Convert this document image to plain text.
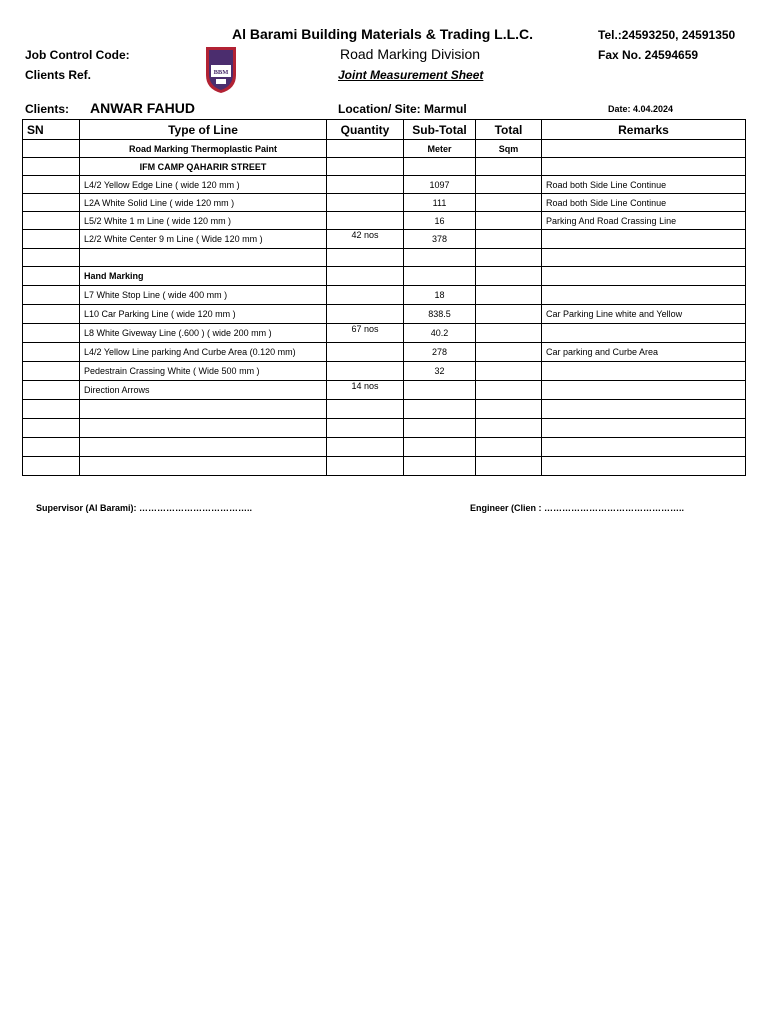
Al Barami Building Materials & Trading L.L.C.
Road Marking Division
Joint Measurement Sheet
Tel.:24593250, 24591350
Fax No. 24594659
Job Control Code:
Clients Ref.
Clients: ANWAR FAHUD	Location/ Site: Marmul	Date: 4.04.2024
BBM
SN	Type of Line	Quantity	Sub-Total	Total	Remarks
	Road Marking Thermoplastic Paint		Meter	Sqm	
	IFM CAMP QAHARIR STREET				
	L4/2 Yellow Edge Line ( wide 120 mm )		1097		Road both Side Line Continue
	L2A White Solid Line ( wide 120 mm )		111		Road both Side Line Continue
	L5/2 White 1 m Line ( wide 120 mm )		16		Parking And Road Crassing Line
	L2/2 White Center 9 m Line ( Wide 120 mm )	42 nos	378		

	Hand Marking				
	L7 White Stop Line ( wide 400 mm )		18		
	L10 Car Parking Line ( wide 120 mm )		838.5		Car Parking Line white and Yellow
	L8 White Giveway Line (.600 ) ( wide 200 mm )	67 nos	40.2		
	L4/2 Yellow Line parking And Curbe Area (0.120 mm)		278		Car parking and Curbe Area
	Pedestrain Crassing White ( Wide 500 mm )		32		
	Direction Arrows	14 nos			

Supervisor (Al Barami): ………………………………..	Engineer (Clien : ………………………………………..
